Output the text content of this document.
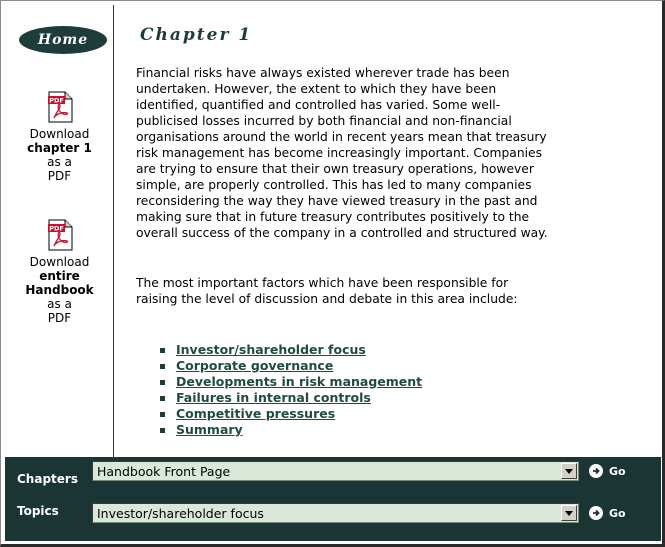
Home
PDF
Download
chapter 1
as a
PDF
PDF
Download
entire
Handbook
as a
PDF
Chapter 1

Financial risks have always existed wherever trade has been undertaken. However, the extent to which they have been identified, quantified and controlled has varied. Some well-publicised losses incurred by both financial and non-financial organisations around the world in recent years mean that treasury risk management has become increasingly important. Companies are trying to ensure that their own treasury operations, however simple, are properly controlled. This has led to many companies reconsidering the way they have viewed treasury in the past and making sure that in future treasury contributes positively to the overall success of the company in a controlled and structured way.

The most important factors which have been responsible for raising the level of discussion and debate in this area include:

Investor/shareholder focus
Corporate governance
Developments in risk management
Failures in internal controls
Competitive pressures
Summary
Chapters	Handbook Front Page	Go
Topics	Investor/shareholder focus	Go
